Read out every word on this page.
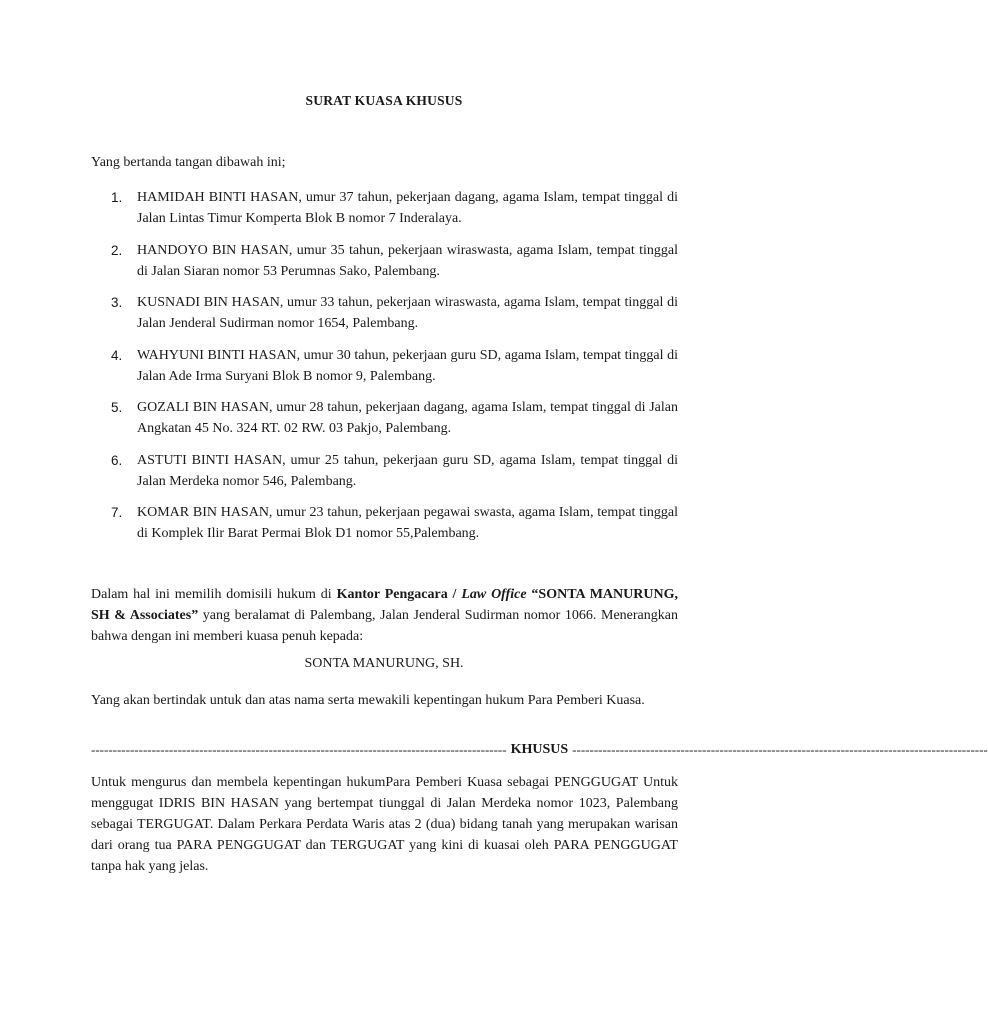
SURAT KUASA KHUSUS
Yang bertanda tangan dibawah ini;
1. HAMIDAH BINTI HASAN, umur 37 tahun, pekerjaan dagang, agama Islam, tempat tinggal di Jalan Lintas Timur Komperta Blok B nomor 7 Inderalaya.
2. HANDOYO BIN HASAN, umur 35 tahun, pekerjaan wiraswasta, agama Islam, tempat tinggal di Jalan Siaran nomor 53 Perumnas Sako, Palembang.
3. KUSNADI BIN HASAN, umur 33 tahun, pekerjaan wiraswasta, agama Islam, tempat tinggal di Jalan Jenderal Sudirman nomor 1654, Palembang.
4. WAHYUNI BINTI HASAN, umur 30 tahun, pekerjaan guru SD, agama Islam, tempat tinggal di Jalan Ade Irma Suryani Blok B nomor 9, Palembang.
5. GOZALI BIN HASAN, umur 28 tahun, pekerjaan dagang, agama Islam, tempat tinggal di Jalan Angkatan 45 No. 324 RT. 02 RW. 03 Pakjo, Palembang.
6. ASTUTI BINTI HASAN, umur 25 tahun, pekerjaan guru SD, agama Islam, tempat tinggal di Jalan Merdeka nomor 546, Palembang.
7. KOMAR BIN HASAN, umur 23 tahun, pekerjaan pegawai swasta, agama Islam, tempat tinggal di Komplek Ilir Barat Permai Blok D1 nomor 55,Palembang.
Dalam hal ini memilih domisili hukum di Kantor Pengacara / Law Office “SONTA MANURUNG, SH & Associates” yang beralamat di Palembang, Jalan Jenderal Sudirman nomor 1066. Menerangkan bahwa dengan ini memberi kuasa penuh kepada:
SONTA MANURUNG, SH.
Yang akan bertindak untuk dan atas nama serta mewakili kepentingan hukum Para Pemberi Kuasa.
------------------------------------------------------------------------------------------------ KHUSUS ------------------------------------------------------------------------------------------------
Untuk mengurus dan membela kepentingan hukumPara Pemberi Kuasa sebagai PENGGUGAT Untuk menggugat IDRIS BIN HASAN yang bertempat tiunggal di Jalan Merdeka nomor 1023, Palembang sebagai TERGUGAT. Dalam Perkara Perdata Waris atas 2 (dua) bidang tanah yang merupakan warisan dari orang tua PARA PENGGUGAT dan TERGUGAT yang kini di kuasai oleh PARA PENGGUGAT tanpa hak yang jelas.
